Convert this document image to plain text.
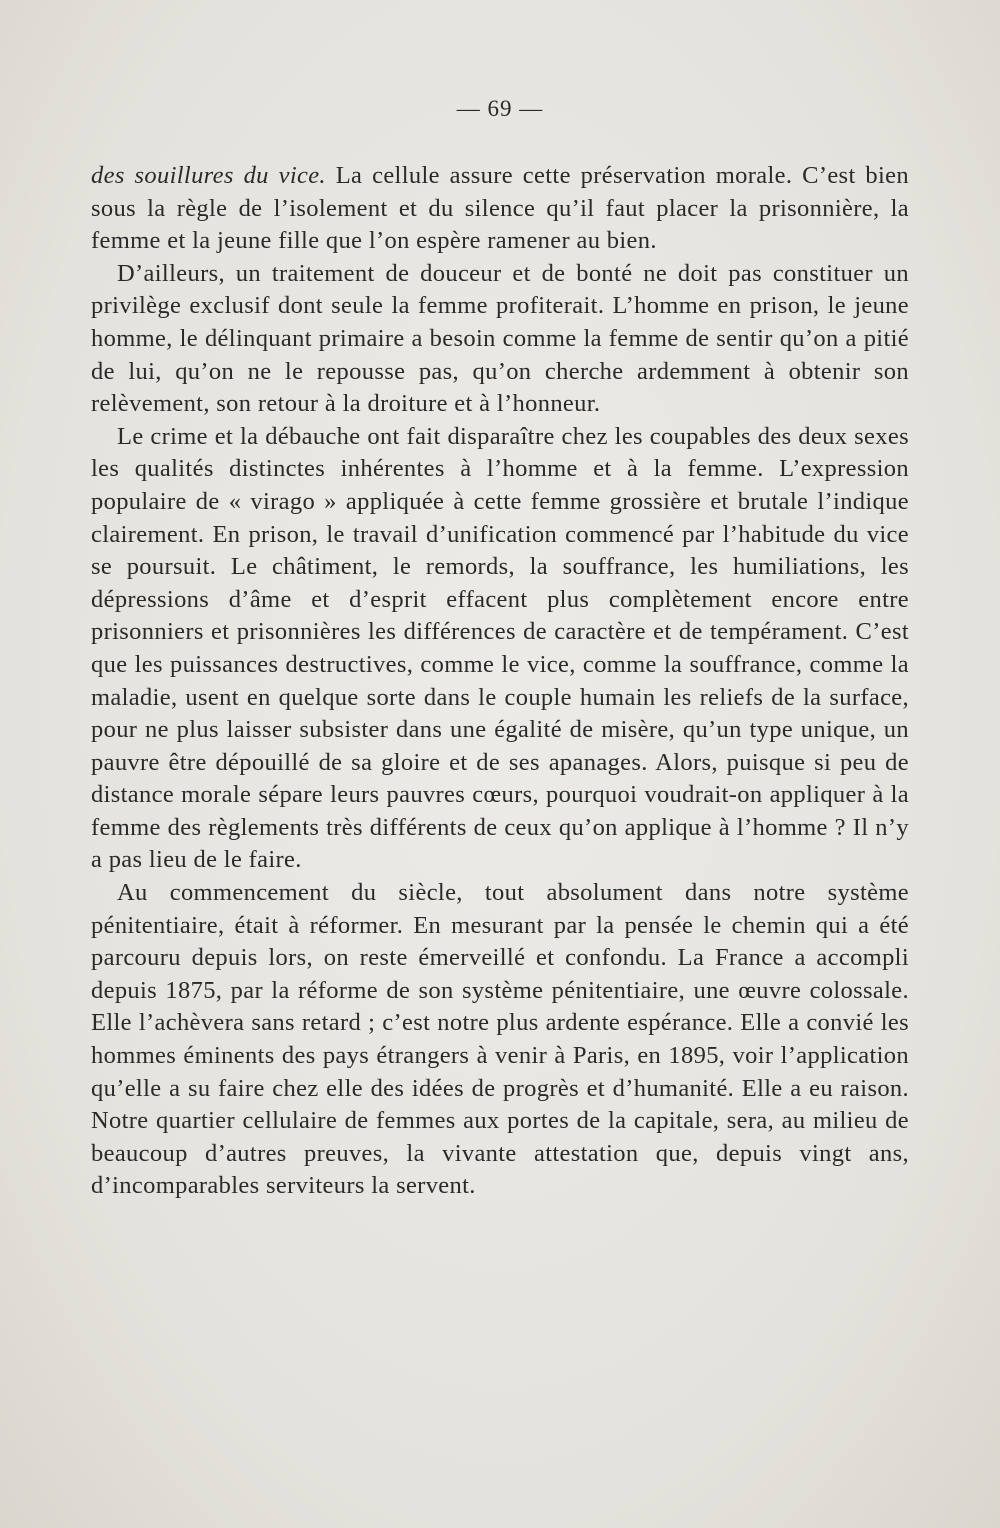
— 69 —

des souillures du vice. La cellule assure cette préservation morale. C’est bien sous la règle de l’isolement et du silence qu’il faut placer la prisonnière, la femme et la jeune fille que l’on espère ramener au bien.

D’ailleurs, un traitement de douceur et de bonté ne doit pas constituer un privilège exclusif dont seule la femme profiterait. L’homme en prison, le jeune homme, le délinquant primaire a besoin comme la femme de sentir qu’on a pitié de lui, qu’on ne le repousse pas, qu’on cherche ardemment à obtenir son relèvement, son retour à la droiture et à l’honneur.

Le crime et la débauche ont fait disparaître chez les coupables des deux sexes les qualités distinctes inhérentes à l’homme et à la femme. L’expression populaire de « virago » appliquée à cette femme grossière et brutale l’indique clairement. En prison, le travail d’unification commencé par l’habitude du vice se poursuit. Le châtiment, le remords, la souffrance, les humiliations, les dépressions d’âme et d’esprit effacent plus complètement encore entre prisonniers et prisonnières les différences de caractère et de tempérament. C’est que les puissances destructives, comme le vice, comme la souffrance, comme la maladie, usent en quelque sorte dans le couple humain les reliefs de la surface, pour ne plus laisser subsister dans une égalité de misère, qu’un type unique, un pauvre être dépouillé de sa gloire et de ses apanages. Alors, puisque si peu de distance morale sépare leurs pauvres cœurs, pourquoi voudrait-on appliquer à la femme des règlements très différents de ceux qu’on applique à l’homme ? Il n’y a pas lieu de le faire.

Au commencement du siècle, tout absolument dans notre système pénitentiaire, était à réformer. En mesurant par la pensée le chemin qui a été parcouru depuis lors, on reste émerveillé et confondu. La France a accompli depuis 1875, par la réforme de son système pénitentiaire, une œuvre colossale. Elle l’achèvera sans retard ; c’est notre plus ardente espérance. Elle a convié les hommes éminents des pays étrangers à venir à Paris, en 1895, voir l’application qu’elle a su faire chez elle des idées de progrès et d’humanité. Elle a eu raison. Notre quartier cellulaire de femmes aux portes de la capitale, sera, au milieu de beaucoup d’autres preuves, la vivante attestation que, depuis vingt ans, d’incomparables serviteurs la servent.
